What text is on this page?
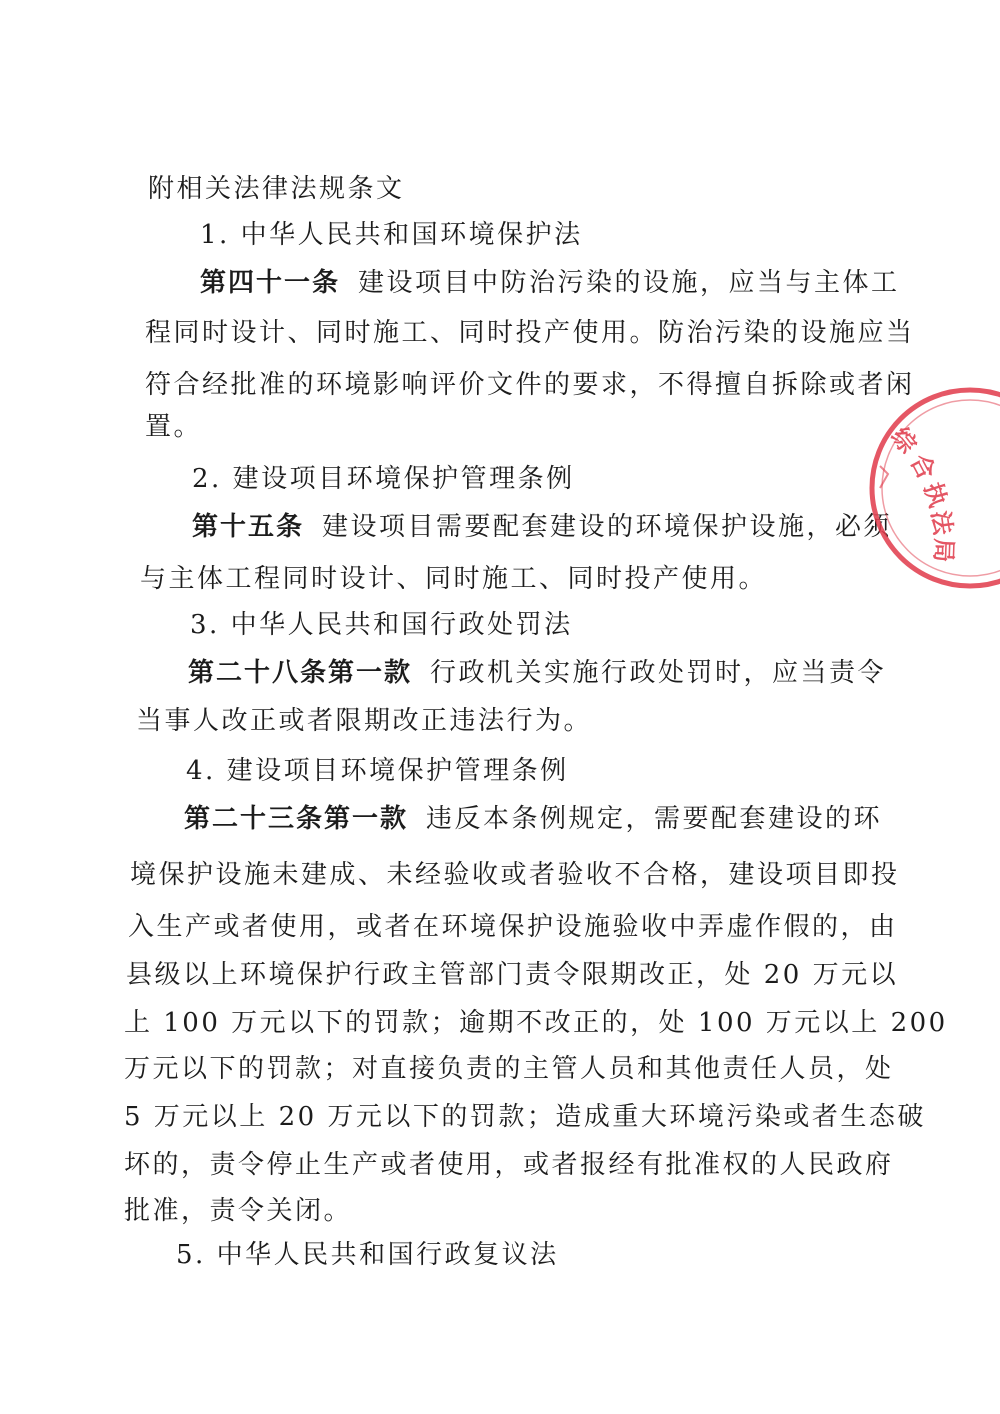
附相关法律法规条文
1. 中华人民共和国环境保护法
第四十一条 建设项目中防治污染的设施，应当与主体工
程同时设计、同时施工、同时投产使用。防治污染的设施应当
符合经批准的环境影响评价文件的要求，不得擅自拆除或者闲
置。
2. 建设项目环境保护管理条例
第十五条 建设项目需要配套建设的环境保护设施，必须
与主体工程同时设计、同时施工、同时投产使用。
3. 中华人民共和国行政处罚法
第二十八条第一款 行政机关实施行政处罚时，应当责令
当事人改正或者限期改正违法行为。
4. 建设项目环境保护管理条例
第二十三条第一款 违反本条例规定，需要配套建设的环
境保护设施未建成、未经验收或者验收不合格，建设项目即投
入生产或者使用，或者在环境保护设施验收中弄虚作假的，由
县级以上环境保护行政主管部门责令限期改正，处 20 万元以
上 100 万元以下的罚款；逾期不改正的，处 100 万元以上 200
万元以下的罚款；对直接负责的主管人员和其他责任人员，处
5 万元以上 20 万元以下的罚款；造成重大环境污染或者生态破
坏的，责令停止生产或者使用，或者报经有批准权的人民政府
批准，责令关闭。
5. 中华人民共和国行政复议法
综
合
执
法
局
